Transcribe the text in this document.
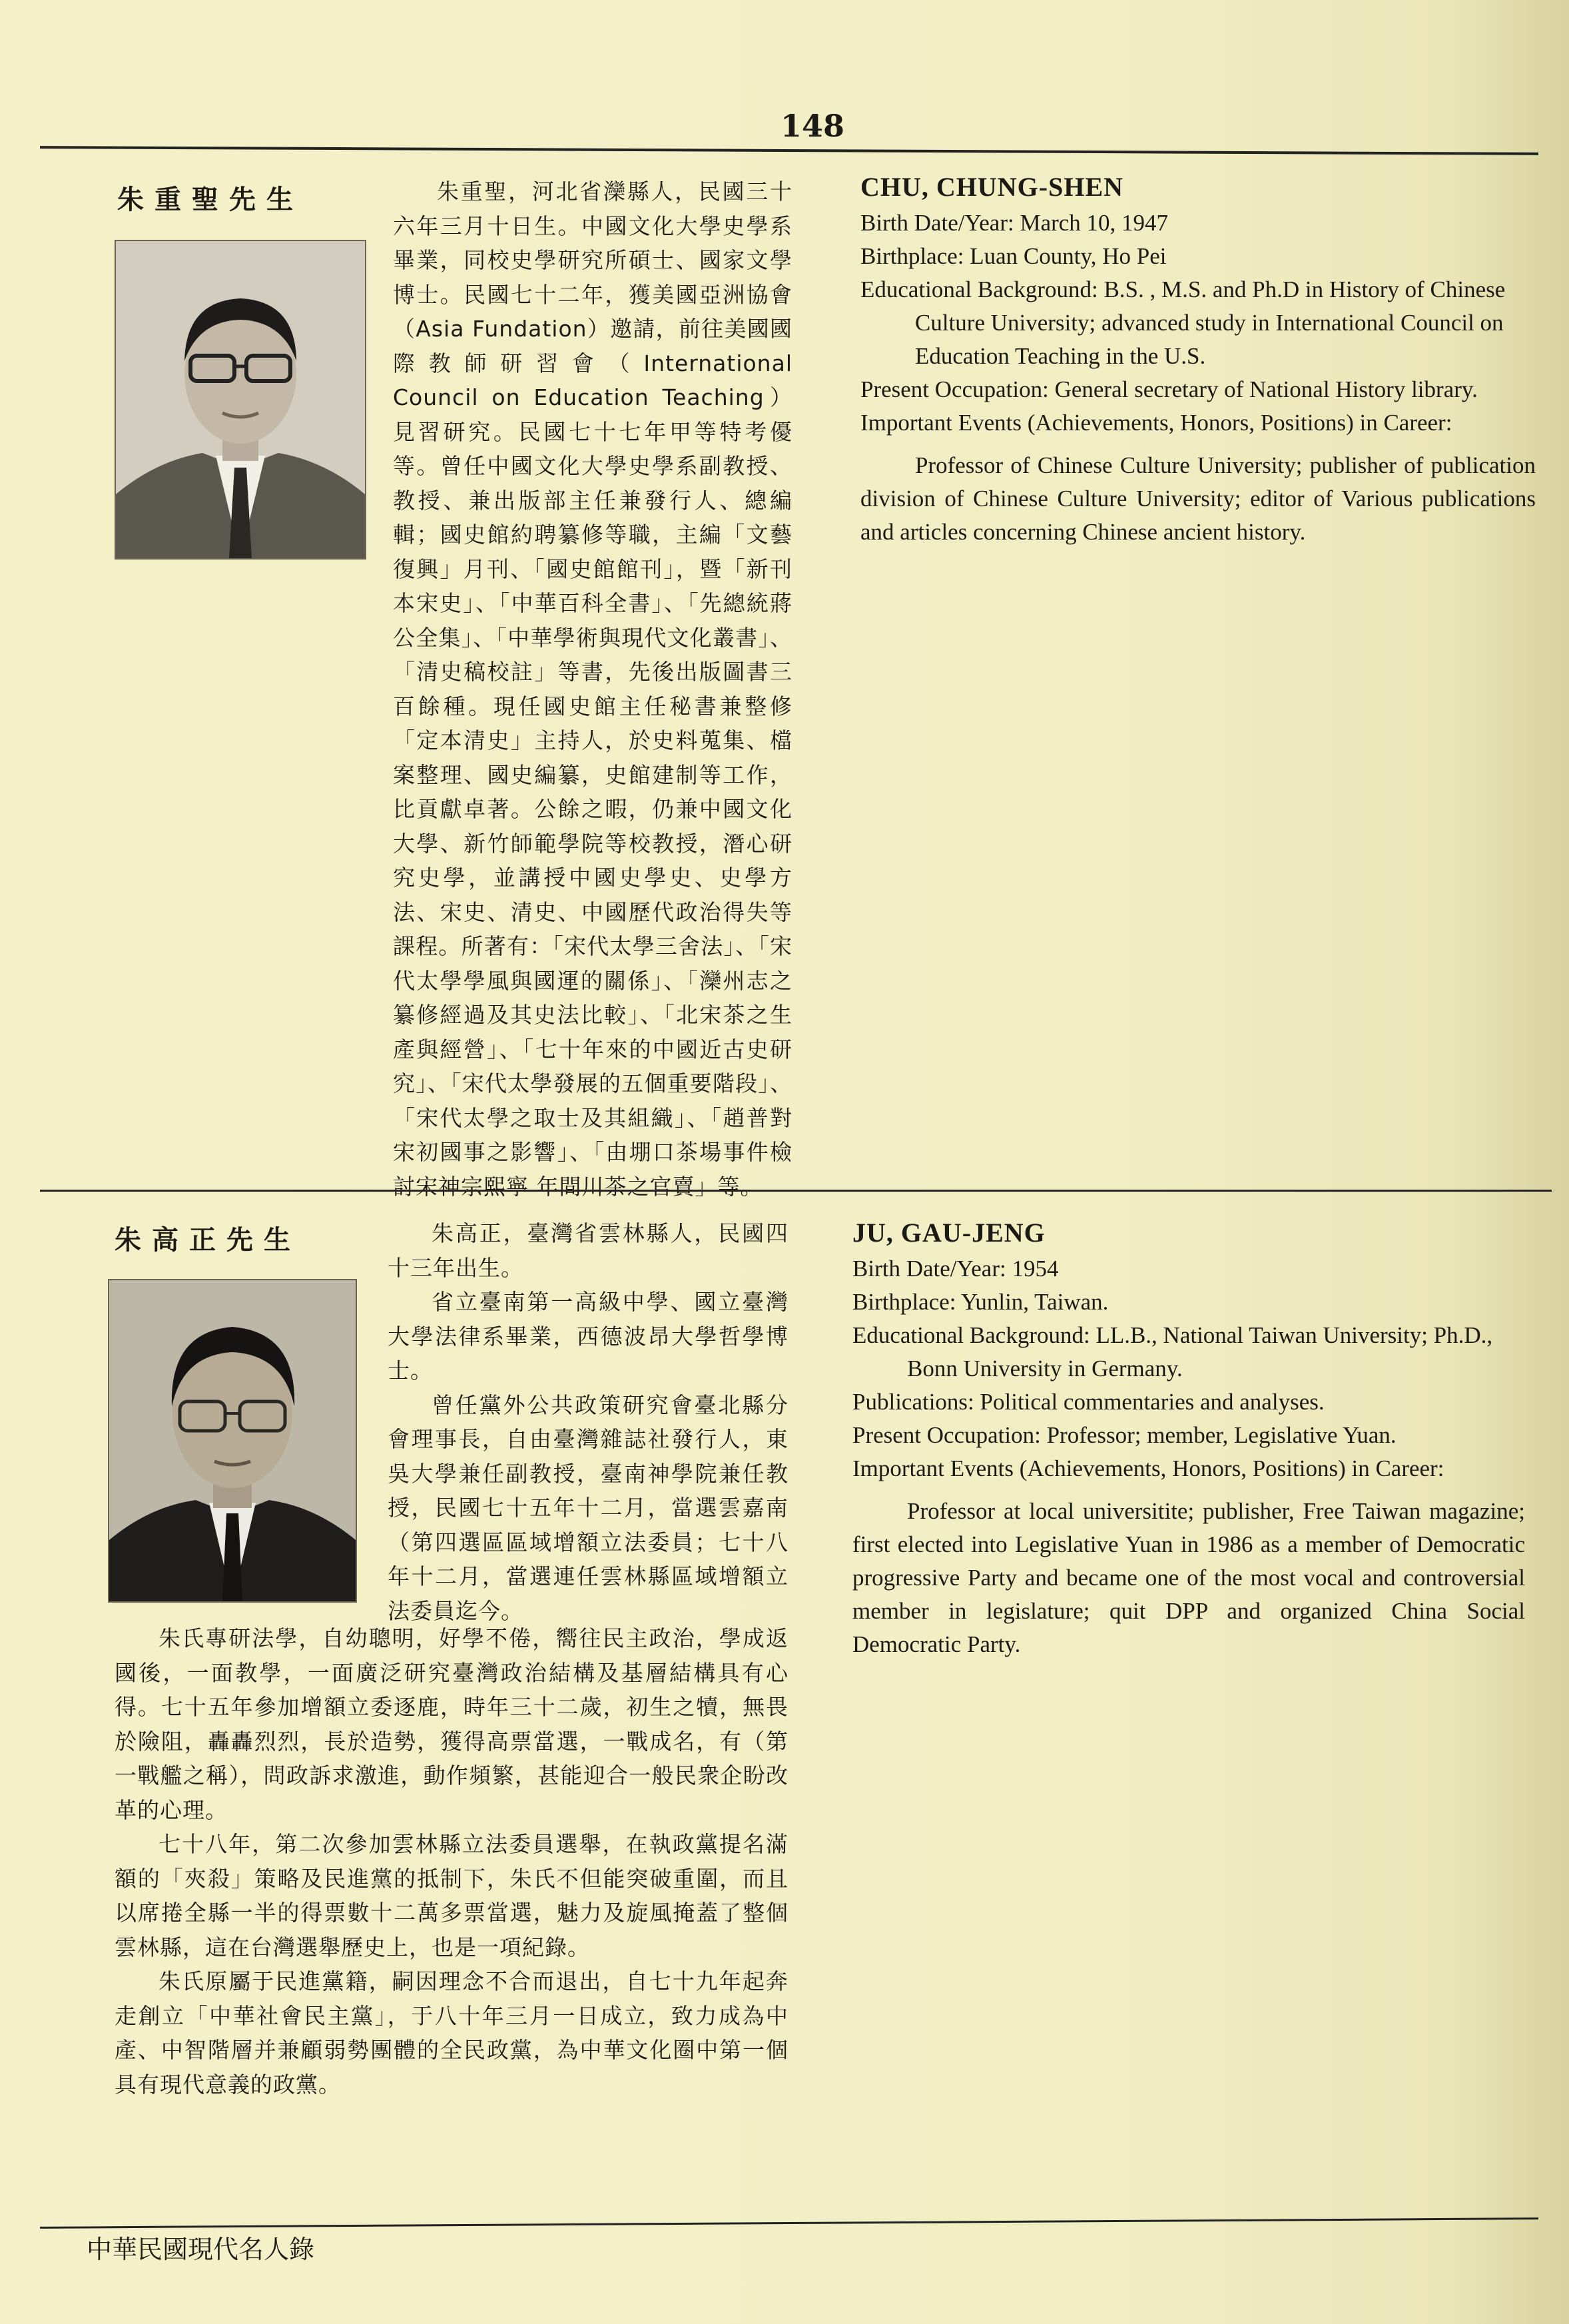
148
朱重聖先生	朱重聖，河北省灤縣人，民國三十六年三月十日生。中國文化大學史學系畢業，同校史學研究所碩士、國家文學博士。民國七十二年，獲美國亞洲協會（Asia Fundation）邀請，前往美國國際教師研習會（International Council on Education Teaching）見習研究。民國七十七年甲等特考優等。曾任中國文化大學史學系副教授、教授、兼出版部主任兼發行人、總編輯；國史館約聘纂修等職，主編「文藝復興」月刊、「國史館館刊」，暨「新刊本宋史」、「中華百科全書」、「先總統蔣公全集」、「中華學術與現代文化叢書」、「清史稿校註」等書，先後出版圖書三百餘種。現任國史館主任秘書兼整修「定本清史」主持人，於史料蒐集、檔案整理、國史編纂，史館建制等工作，比貢獻卓著。公餘之暇，仍兼中國文化大學、新竹師範學院等校教授，潛心研究史學，並講授中國史學史、史學方法、宋史、清史、中國歷代政治得失等課程。所著有：「宋代太學三舍法」、「宋代太學學風與國運的關係」、「灤州志之纂修經過及其史法比較」、「北宋茶之生產與經營」、「七十年來的中國近古史研究」、「宋代太學發展的五個重要階段」、「宋代太學之取士及其組織」、「趙普對宋初國事之影響」、「由堋口茶場事件檢討宋神宗熙寧 年間川茶之官賣」等。

CHU, CHUNG-SHEN

Birth Date/Year: March 10, 1947

Birthplace: Luan County, Ho Pei

Educational Background: B.S. , M.S. and Ph.D in History of Chinese Culture University; advanced study in International Council on Education Teaching in the U.S.

Present Occupation: General secretary of National History library.

Important Events (Achievements, Honors, Positions) in Career:

Professor of Chinese Culture University; publisher of publication division of Chinese Culture University; editor of Various publications and articles concerning Chinese ancient history.

朱高正先生	朱高正，臺灣省雲林縣人，民國四十三年出生。

省立臺南第一高級中學、國立臺灣大學法律系畢業，西德波昂大學哲學博士。

曾任黨外公共政策研究會臺北縣分會理事長，自由臺灣雜誌社發行人，東吳大學兼任副教授，臺南神學院兼任教授，民國七十五年十二月，當選雲嘉南（第四選區區域增額立法委員；七十八年十二月，當選連任雲林縣區域增額立法委員迄今。

朱氏專研法學，自幼聰明，好學不倦，嚮往民主政治，學成返國後，一面教學，一面廣泛研究臺灣政治結構及基層結構具有心得。七十五年參加增額立委逐鹿，時年三十二歲，初生之犢，無畏於險阻，轟轟烈烈，長於造勢，獲得高票當選，一戰成名，有（第一戰艦之稱），問政訴求激進，動作頻繁，甚能迎合一般民衆企盼改革的心理。

七十八年，第二次參加雲林縣立法委員選舉，在執政黨提名滿額的「夾殺」策略及民進黨的抵制下，朱氏不但能突破重圍，而且以席捲全縣一半的得票數十二萬多票當選，魅力及旋風掩蓋了整個雲林縣，這在台灣選舉歷史上，也是一項紀錄。

朱氏原屬于民進黨籍，嗣因理念不合而退出，自七十九年起奔走創立「中華社會民主黨」，于八十年三月一日成立，致力成為中產、中智階層并兼顧弱勢團體的全民政黨，為中華文化圈中第一個具有現代意義的政黨。

JU, GAU-JENG

Birth Date/Year: 1954

Birthplace: Yunlin, Taiwan.

Educational Background: LL.B., National Taiwan University; Ph.D., Bonn University in Germany.

Publications: Political commentaries and analyses.

Present Occupation: Professor; member, Legislative Yuan.

Important Events (Achievements, Honors, Positions) in Career:

Professor at local universitite; publisher, Free Taiwan magazine; first elected into Legislative Yuan in 1986 as a member of Democratic progressive Party and became one of the most vocal and controversial member in legislature; quit DPP and organized China Social Democratic Party.

中華民國現代名人錄
